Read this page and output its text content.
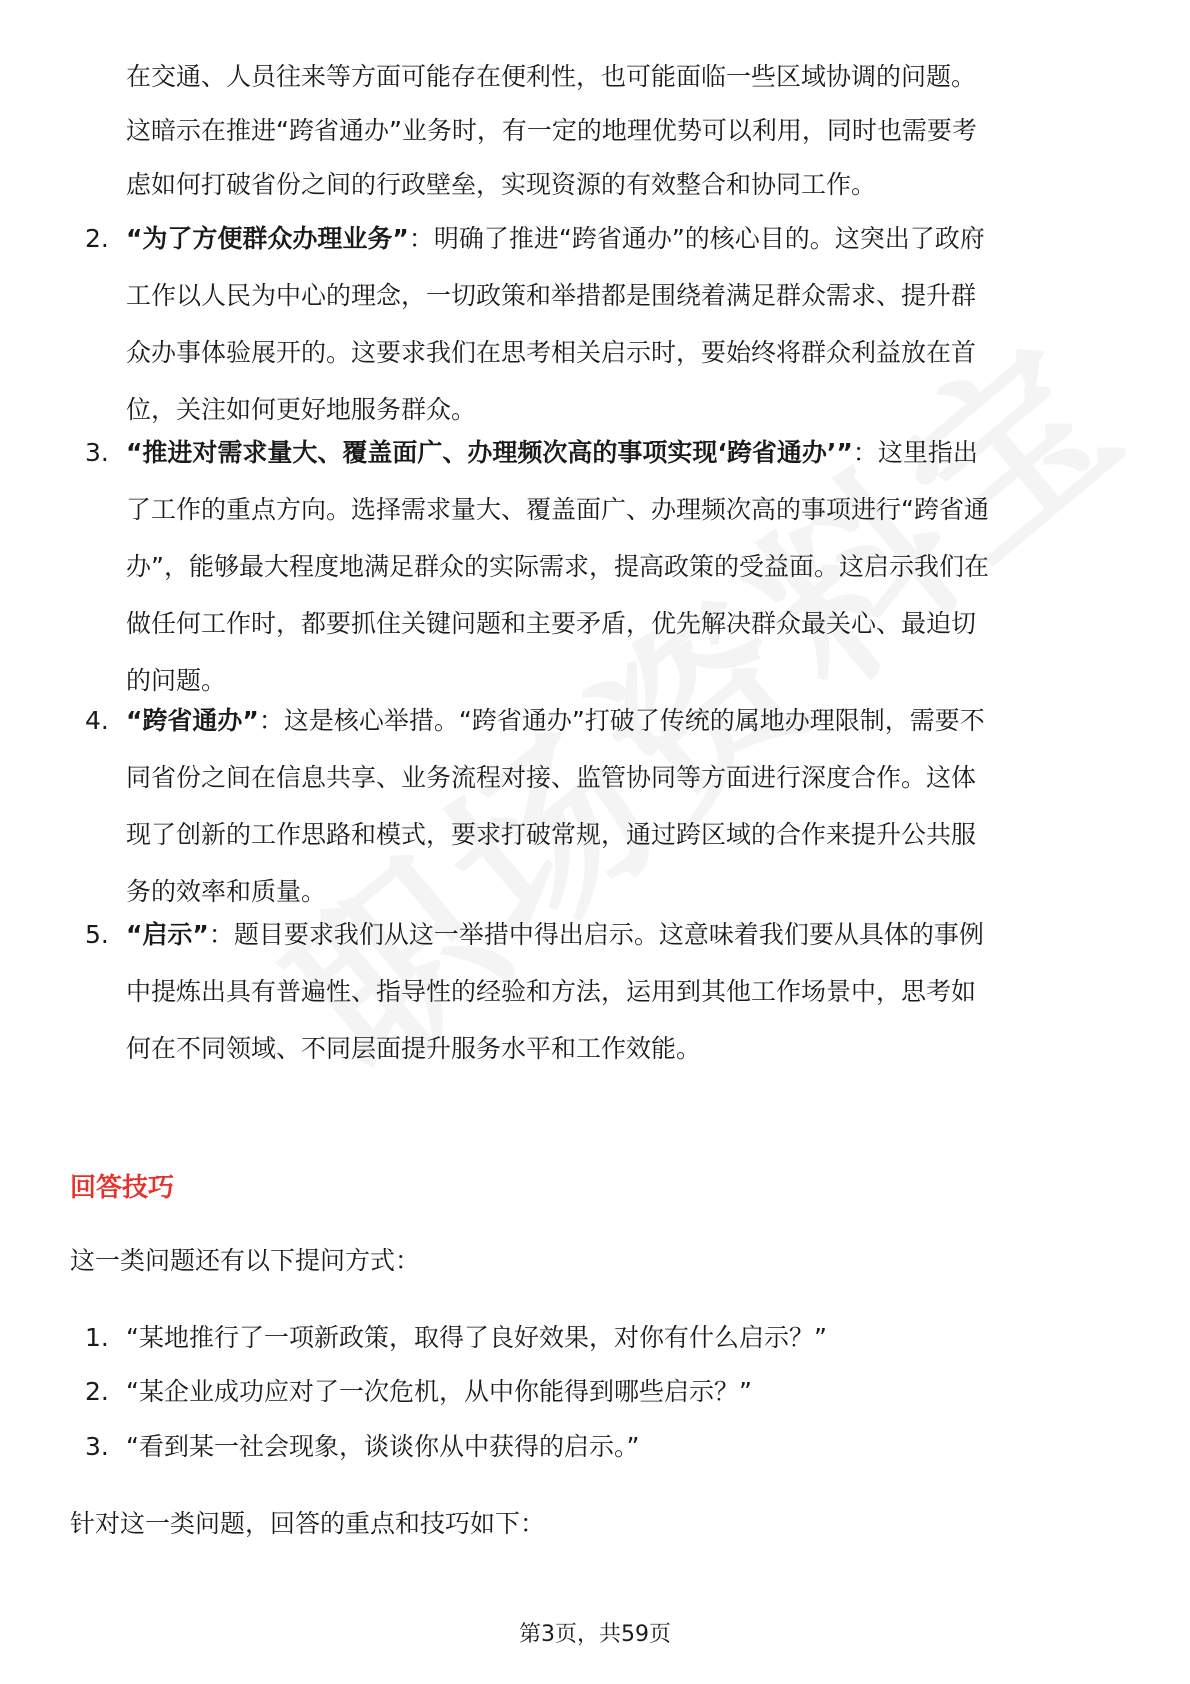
在交通、人员往来等方面可能存在便利性，也可能面临一些区域协调的问题。
这暗示在推进“跨省通办”业务时，有一定的地理优势可以利用，同时也需要考
虑如何打破省份之间的行政壁垒，实现资源的有效整合和协同工作。
2. “为了方便群众办理业务”：明确了推进“跨省通办”的核心目的。这突出了政府
工作以人民为中心的理念，一切政策和举措都是围绕着满足群众需求、提升群
众办事体验展开的。这要求我们在思考相关启示时，要始终将群众利益放在首
位，关注如何更好地服务群众。
3. “推进对需求量大、覆盖面广、办理频次高的事项实现‘跨省通办’”：这里指出
了工作的重点方向。选择需求量大、覆盖面广、办理频次高的事项进行“跨省通
办”，能够最大程度地满足群众的实际需求，提高政策的受益面。这启示我们在
做任何工作时，都要抓住关键问题和主要矛盾，优先解决群众最关心、最迫切
的问题。
4. “跨省通办”：这是核心举措。“跨省通办”打破了传统的属地办理限制，需要不
同省份之间在信息共享、业务流程对接、监管协同等方面进行深度合作。这体
现了创新的工作思路和模式，要求打破常规，通过跨区域的合作来提升公共服
务的效率和质量。
5. “启示”：题目要求我们从这一举措中得出启示。这意味着我们要从具体的事例
中提炼出具有普遍性、指导性的经验和方法，运用到其他工作场景中，思考如
何在不同领域、不同层面提升服务水平和工作效能。
回答技巧
这一类问题还有以下提问方式：
1. “某地推行了一项新政策，取得了良好效果，对你有什么启示？”
2. “某企业成功应对了一次危机，从中你能得到哪些启示？”
3. “看到某一社会现象，谈谈你从中获得的启示。”
针对这一类问题，回答的重点和技巧如下：
第3页，共59页
